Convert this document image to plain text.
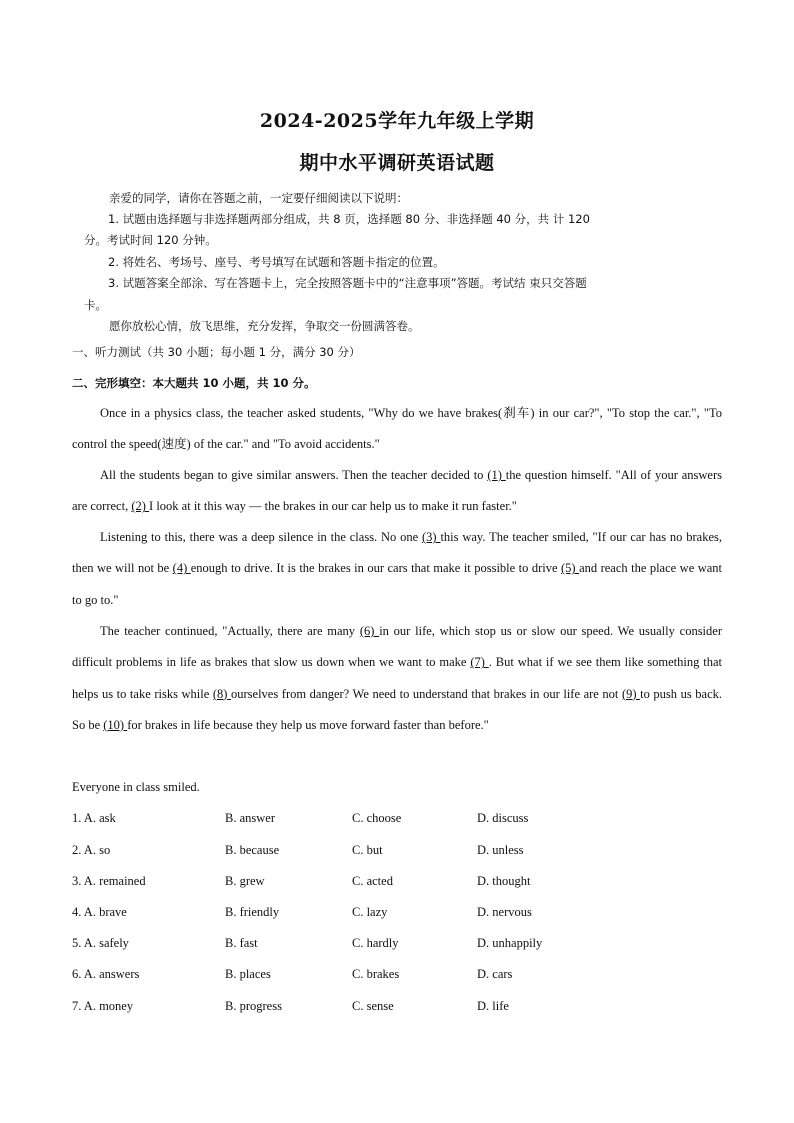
2024-2025学年九年级上学期
期中水平调研英语试题
亲爱的同学，请你在答题之前，一定要仔细阅读以下说明：
1. 试题由选择题与非选择题两部分组成，共 8 页，选择题 80 分、非选择题 40 分，共 计 120
分。考试时间 120 分钟。
2. 将姓名、考场号、座号、考号填写在试题和答题卡指定的位置。
3. 试题答案全部涂、写在答题卡上，完全按照答题卡中的“注意事项”答题。考试结 束只交答题
卡。
愿你放松心情，放飞思维，充分发挥，争取交一份圆满答卷。
一、听力测试（共 30 小题；每小题 1 分，满分 30 分）
二、完形填空：本大题共 10 小题，共 10 分。
Once in a physics class, the teacher asked students, "Why do we have brakes(刹车) in our car?", "To stop the car.", "To control the speed(速度) of the car." and "To avoid accidents."
All the students began to give similar answers. Then the teacher decided to (1) the question himself. "All of your answers are correct, (2) I look at it this way — the brakes in our car help us to make it run faster."
Listening to this, there was a deep silence in the class. No one (3) this way. The teacher smiled, "If our car has no brakes, then we will not be (4) enough to drive. It is the brakes in our cars that make it possible to drive (5) and reach the place we want to go to."
The teacher continued, "Actually, there are many (6) in our life, which stop us or slow our speed. We usually consider difficult problems in life as brakes that slow us down when we want to make (7) . But what if we see them like something that helps us to take risks while (8) ourselves from danger? We need to understand that brakes in our life are not (9) to push us back. So be (10) for brakes in life because they help us move forward faster than before."
Everyone in class smiled.
1. A. ask	B. answer	C. choose	D. discuss
2. A. so	B. because	C. but	D. unless
3. A. remained	B. grew	C. acted	D. thought
4. A. brave	B. friendly	C. lazy	D. nervous
5. A. safely	B. fast	C. hardly	D. unhappily
6. A. answers	B. places	C. brakes	D. cars
7. A. money	B. progress	C. sense	D. life
